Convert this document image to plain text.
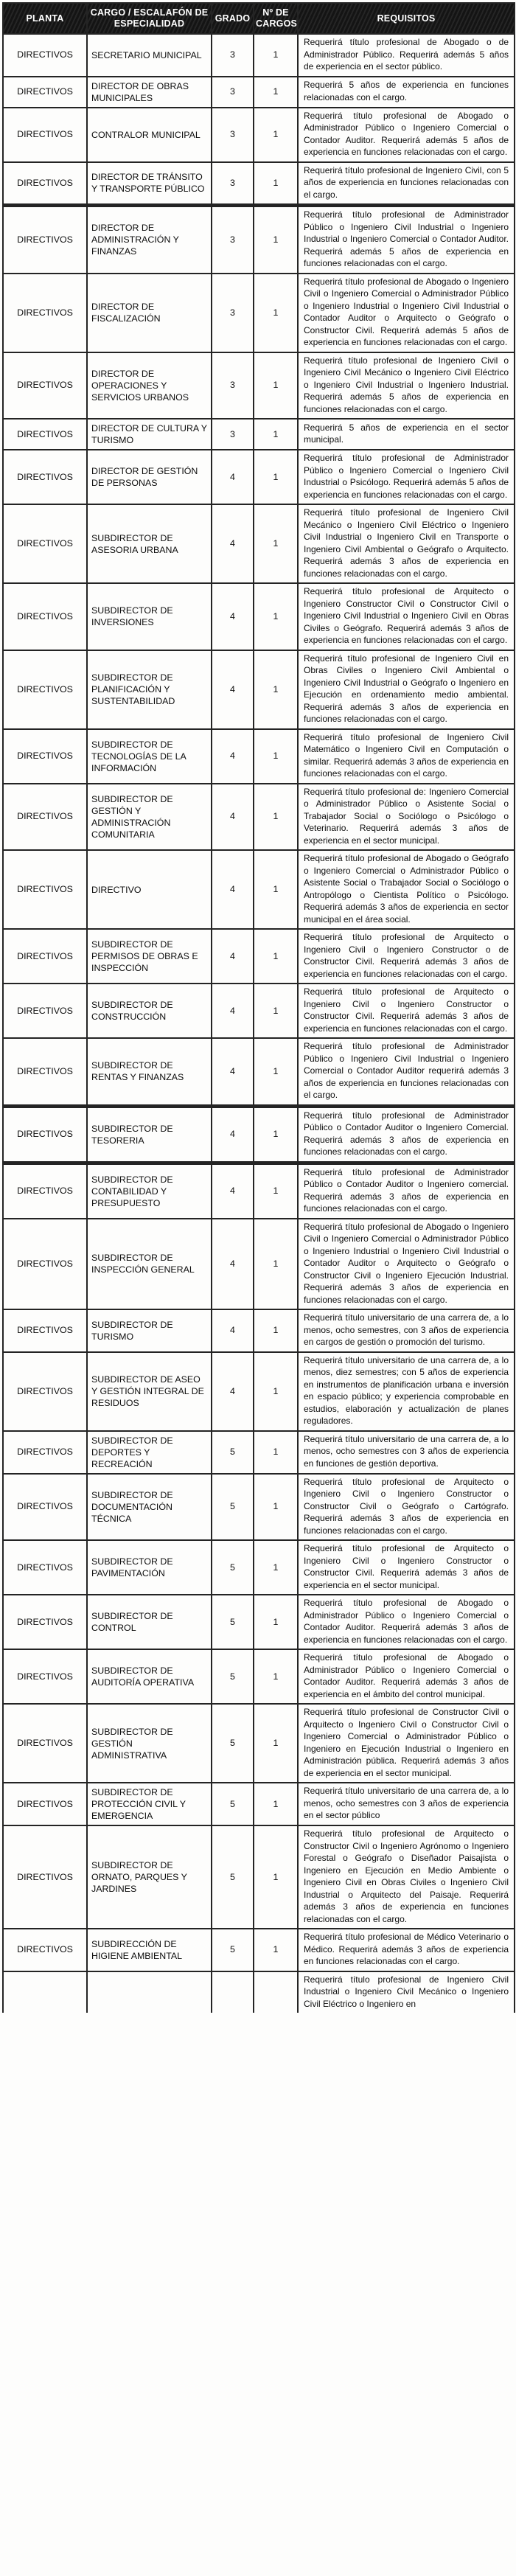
PLANTA	CARGO / ESCALAFÓN DE ESPECIALIDAD	GRADO	Nº DE CARGOS	REQUISITOS
DIRECTIVOS	SECRETARIO MUNICIPAL	3	1	Requerirá título profesional de Abogado o de Administrador Público. Requerirá además 5 años de experiencia en el sector público.
DIRECTIVOS	DIRECTOR DE OBRAS MUNICIPALES	3	1	Requerirá 5 años de experiencia en funciones relacionadas con el cargo.
DIRECTIVOS	CONTRALOR MUNICIPAL	3	1	Requerirá título profesional de Abogado o Administrador Público o Ingeniero Comercial o Contador Auditor. Requerirá además 5 años de experiencia en funciones relacionadas con el cargo.
DIRECTIVOS	DIRECTOR DE TRÁNSITO Y TRANSPORTE PÚBLICO	3	1	Requerirá título profesional de Ingeniero Civil, con 5 años de experiencia en funciones relacionadas con el cargo.
DIRECTIVOS	DIRECTOR DE ADMINISTRACIÓN Y FINANZAS	3	1	Requerirá título profesional de Administrador Público o Ingeniero Civil Industrial o Ingeniero Industrial o Ingeniero Comercial o Contador Auditor. Requerirá además 5 años de experiencia en funciones relacionadas con el cargo.
DIRECTIVOS	DIRECTOR DE FISCALIZACIÓN	3	1	Requerirá título profesional de Abogado o Ingeniero Civil o Ingeniero Comercial o Administrador Público o Ingeniero Industrial o Ingeniero Civil Industrial o Contador Auditor o Arquitecto o Geógrafo o Constructor Civil. Requerirá además 5 años de experiencia en funciones relacionadas con el cargo.
DIRECTIVOS	DIRECTOR DE OPERACIONES Y SERVICIOS URBANOS	3	1	Requerirá título profesional de Ingeniero Civil o Ingeniero Civil Mecánico o Ingeniero Civil Eléctrico o Ingeniero Civil Industrial o Ingeniero Industrial. Requerirá además 5 años de experiencia en funciones relacionadas con el cargo.
DIRECTIVOS	DIRECTOR DE CULTURA Y TURISMO	3	1	Requerirá 5 años de experiencia en el sector municipal.
DIRECTIVOS	DIRECTOR DE GESTIÓN DE PERSONAS	4	1	Requerirá título profesional de Administrador Público o Ingeniero Comercial o Ingeniero Civil Industrial o Psicólogo. Requerirá además 5 años de experiencia en funciones relacionadas con el cargo.
DIRECTIVOS	SUBDIRECTOR DE ASESORIA URBANA	4	1	Requerirá título profesional de Ingeniero Civil Mecánico o Ingeniero Civil Eléctrico o Ingeniero Civil Industrial o Ingeniero Civil en Transporte o Ingeniero Civil Ambiental o Geógrafo o Arquitecto. Requerirá además 3 años de experiencia en funciones relacionadas con el cargo.
DIRECTIVOS	SUBDIRECTOR DE INVERSIONES	4	1	Requerirá título profesional de Arquitecto o Ingeniero Constructor Civil o Constructor Civil o Ingeniero Civil Industrial o Ingeniero Civil en Obras Civiles o Geógrafo. Requerirá además 3 años de experiencia en funciones relacionadas con el cargo.
DIRECTIVOS	SUBDIRECTOR DE PLANIFICACIÓN Y SUSTENTABILIDAD	4	1	Requerirá título profesional de Ingeniero Civil en Obras Civiles o Ingeniero Civil Ambiental o Ingeniero Civil Industrial o Geógrafo o Ingeniero en Ejecución en ordenamiento medio ambiental. Requerirá además 3 años de experiencia en funciones relacionadas con el cargo.
DIRECTIVOS	SUBDIRECTOR DE TECNOLOGÍAS DE LA INFORMACIÓN	4	1	Requerirá título profesional de Ingeniero Civil Matemático o Ingeniero Civil en Computación o similar. Requerirá además 3 años de experiencia en funciones relacionadas con el cargo.
DIRECTIVOS	SUBDIRECTOR DE GESTIÓN Y ADMINISTRACIÓN COMUNITARIA	4	1	Requerirá título profesional de: Ingeniero Comercial o Administrador Público o Asistente Social o Trabajador Social o Sociólogo o Psicólogo o Veterinario. Requerirá además 3 años de experiencia en el sector municipal.
DIRECTIVOS	DIRECTIVO	4	1	Requerirá título profesional de Abogado o Geógrafo o Ingeniero Comercial o Administrador Público o Asistente Social o Trabajador Social o Sociólogo o Antropólogo o Cientista Político o Psicólogo. Requerirá además 3 años de experiencia en sector municipal en el área social.
DIRECTIVOS	SUBDIRECTOR DE PERMISOS DE OBRAS E INSPECCIÓN	4	1	Requerirá título profesional de Arquitecto o Ingeniero Civil o Ingeniero Constructor o de Constructor Civil. Requerirá además 3 años de experiencia en funciones relacionadas con el cargo.
DIRECTIVOS	SUBDIRECTOR DE CONSTRUCCIÓN	4	1	Requerirá título profesional de Arquitecto o Ingeniero Civil o Ingeniero Constructor o Constructor Civil. Requerirá además 3 años de experiencia en funciones relacionadas con el cargo.
DIRECTIVOS	SUBDIRECTOR DE RENTAS Y FINANZAS	4	1	Requerirá título profesional de Administrador Público o Ingeniero Civil Industrial o Ingeniero Comercial o Contador Auditor requerirá además 3 años de experiencia en funciones relacionadas con el cargo.
DIRECTIVOS	SUBDIRECTOR DE TESORERIA	4	1	Requerirá título profesional de Administrador Público o Contador Auditor o Ingeniero Comercial. Requerirá además 3 años de experiencia en funciones relacionadas con el cargo.
DIRECTIVOS	SUBDIRECTOR DE CONTABILIDAD Y PRESUPUESTO	4	1	Requerirá título profesional de Administrador Público o Contador Auditor o Ingeniero comercial. Requerirá además 3 años de experiencia en funciones relacionadas con el cargo.
DIRECTIVOS	SUBDIRECTOR DE INSPECCIÓN GENERAL	4	1	Requerirá título profesional de Abogado o Ingeniero Civil o Ingeniero Comercial o Administrador Público o Ingeniero Industrial o Ingeniero Civil Industrial o Contador Auditor o Arquitecto o Geógrafo o Constructor Civil o Ingeniero Ejecución Industrial. Requerirá además 3 años de experiencia en funciones relacionadas con el cargo.
DIRECTIVOS	SUBDIRECTOR DE TURISMO	4	1	Requerirá título universitario de una carrera de, a lo menos, ocho semestres, con 3 años de experiencia en cargos de gestión o promoción del turismo.
DIRECTIVOS	SUBDIRECTOR DE ASEO Y GESTIÓN INTEGRAL DE RESIDUOS	4	1	Requerirá título universitario de una carrera de, a lo menos, diez semestres; con 5 años de experiencia en instrumentos de planificación urbana e inversión en espacio público; y experiencia comprobable en estudios, elaboración y actualización de planes reguladores.
DIRECTIVOS	SUBDIRECTOR DE DEPORTES Y RECREACIÓN	5	1	Requerirá título universitario de una carrera de, a lo menos, ocho semestres con 3 años de experiencia en funciones de gestión deportiva.
DIRECTIVOS	SUBDIRECTOR DE DOCUMENTACIÓN TÉCNICA	5	1	Requerirá título profesional de Arquitecto o Ingeniero Civil o Ingeniero Constructor o Constructor Civil o Geógrafo o Cartógrafo. Requerirá además 3 años de experiencia en funciones relacionadas con el cargo.
DIRECTIVOS	SUBDIRECTOR DE PAVIMENTACIÓN	5	1	Requerirá título profesional de Arquitecto o Ingeniero Civil o Ingeniero Constructor o Constructor Civil. Requerirá además 3 años de experiencia en el sector municipal.
DIRECTIVOS	SUBDIRECTOR DE CONTROL	5	1	Requerirá título profesional de Abogado o Administrador Público o Ingeniero Comercial o Contador Auditor. Requerirá además 3 años de experiencia en funciones relacionadas con el cargo.
DIRECTIVOS	SUBDIRECTOR DE AUDITORÍA OPERATIVA	5	1	Requerirá título profesional de Abogado o Administrador Público o Ingeniero Comercial o Contador Auditor. Requerirá además 3 años de experiencia en el ámbito del control municipal.
DIRECTIVOS	SUBDIRECTOR DE GESTIÓN ADMINISTRATIVA	5	1	Requerirá título profesional de Constructor Civil o Arquitecto o Ingeniero Civil o Constructor Civil o Ingeniero Comercial o Administrador Público o Ingeniero en Ejecución Industrial o Ingeniero en Administración pública. Requerirá además 3 años de experiencia en el sector municipal.
DIRECTIVOS	SUBDIRECTOR DE PROTECCIÓN CIVIL Y EMERGENCIA	5	1	Requerirá título universitario de una carrera de, a lo menos, ocho semestres con 3 años de experiencia en el sector público
DIRECTIVOS	SUBDIRECTOR DE ORNATO, PARQUES Y JARDINES	5	1	Requerirá título profesional de Arquitecto o Constructor Civil o Ingeniero Agrónomo o Ingeniero Forestal o Geógrafo o Diseñador Paisajista o Ingeniero en Ejecución en Medio Ambiente o Ingeniero Civil en Obras Civiles o Ingeniero Civil Industrial o Arquitecto del Paisaje. Requerirá además 3 años de experiencia en funciones relacionadas con el cargo.
DIRECTIVOS	SUBDIRECCIÓN DE HIGIENE AMBIENTAL	5	1	Requerirá título profesional de Médico Veterinario o Médico. Requerirá además 3 años de experiencia en funciones relacionadas con el cargo.
				Requerirá título profesional de Ingeniero Civil Industrial o Ingeniero Civil Mecánico o Ingeniero Civil Eléctrico o Ingeniero en
